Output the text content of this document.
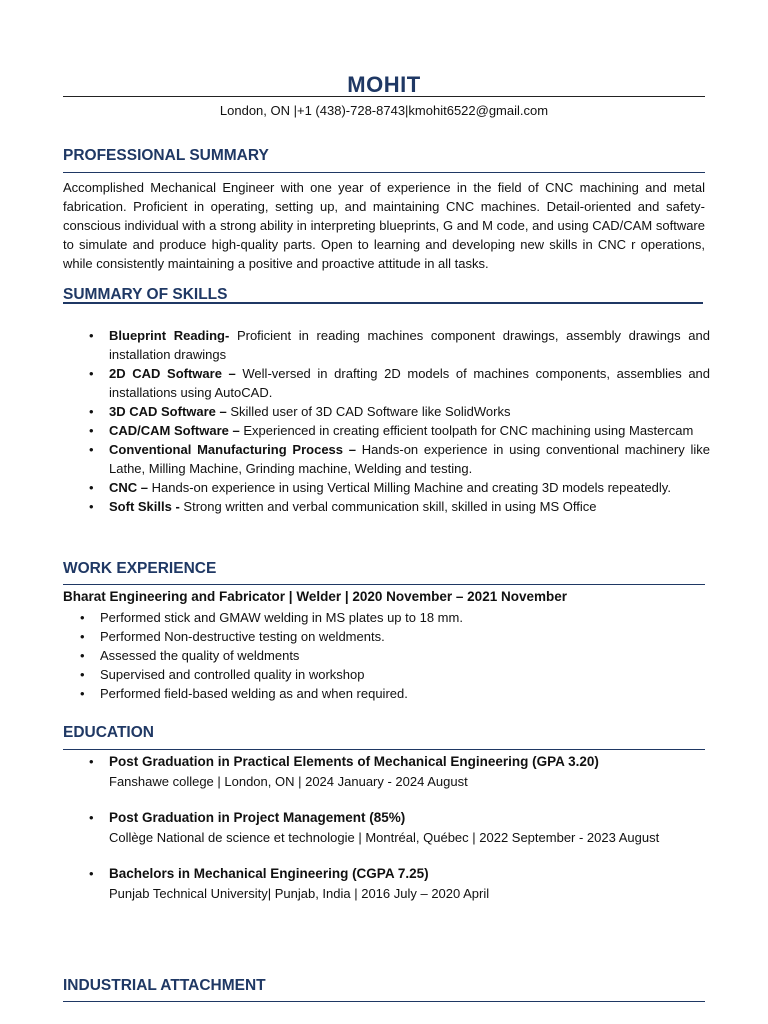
MOHIT
London, ON |+1 (438)-728-8743|kmohit6522@gmail.com
PROFESSIONAL SUMMARY
Accomplished Mechanical Engineer with one year of experience in the field of CNC machining and metal fabrication. Proficient in operating, setting up, and maintaining CNC machines. Detail-oriented and safety-conscious individual with a strong ability in interpreting blueprints, G and M code, and using CAD/CAM software to simulate and produce high-quality parts. Open to learning and developing new skills in CNC r operations, while consistently maintaining a positive and proactive attitude in all tasks.
SUMMARY OF SKILLS
• Blueprint Reading- Proficient in reading machines component drawings, assembly drawings and installation drawings
• 2D CAD Software – Well-versed in drafting 2D models of machines components, assemblies and installations using AutoCAD.
• 3D CAD Software – Skilled user of 3D CAD Software like SolidWorks
• CAD/CAM Software – Experienced in creating efficient toolpath for CNC machining using Mastercam
• Conventional Manufacturing Process – Hands-on experience in using conventional machinery like Lathe, Milling Machine, Grinding machine, Welding and testing.
• CNC – Hands-on experience in using Vertical Milling Machine and creating 3D models repeatedly.
• Soft Skills - Strong written and verbal communication skill, skilled in using MS Office
WORK EXPERIENCE
Bharat Engineering and Fabricator | Welder | 2020 November – 2021 November
• Performed stick and GMAW welding in MS plates up to 18 mm.
• Performed Non-destructive testing on weldments.
• Assessed the quality of weldments
• Supervised and controlled quality in workshop
• Performed field-based welding as and when required.
EDUCATION
• Post Graduation in Practical Elements of Mechanical Engineering (GPA 3.20)
Fanshawe college | London, ON | 2024 January - 2024 August
• Post Graduation in Project Management (85%)
Collège National de science et technologie | Montréal, Québec | 2022 September - 2023 August
• Bachelors in Mechanical Engineering (CGPA 7.25)
Punjab Technical University| Punjab, India | 2016 July – 2020 April
INDUSTRIAL ATTACHMENT
